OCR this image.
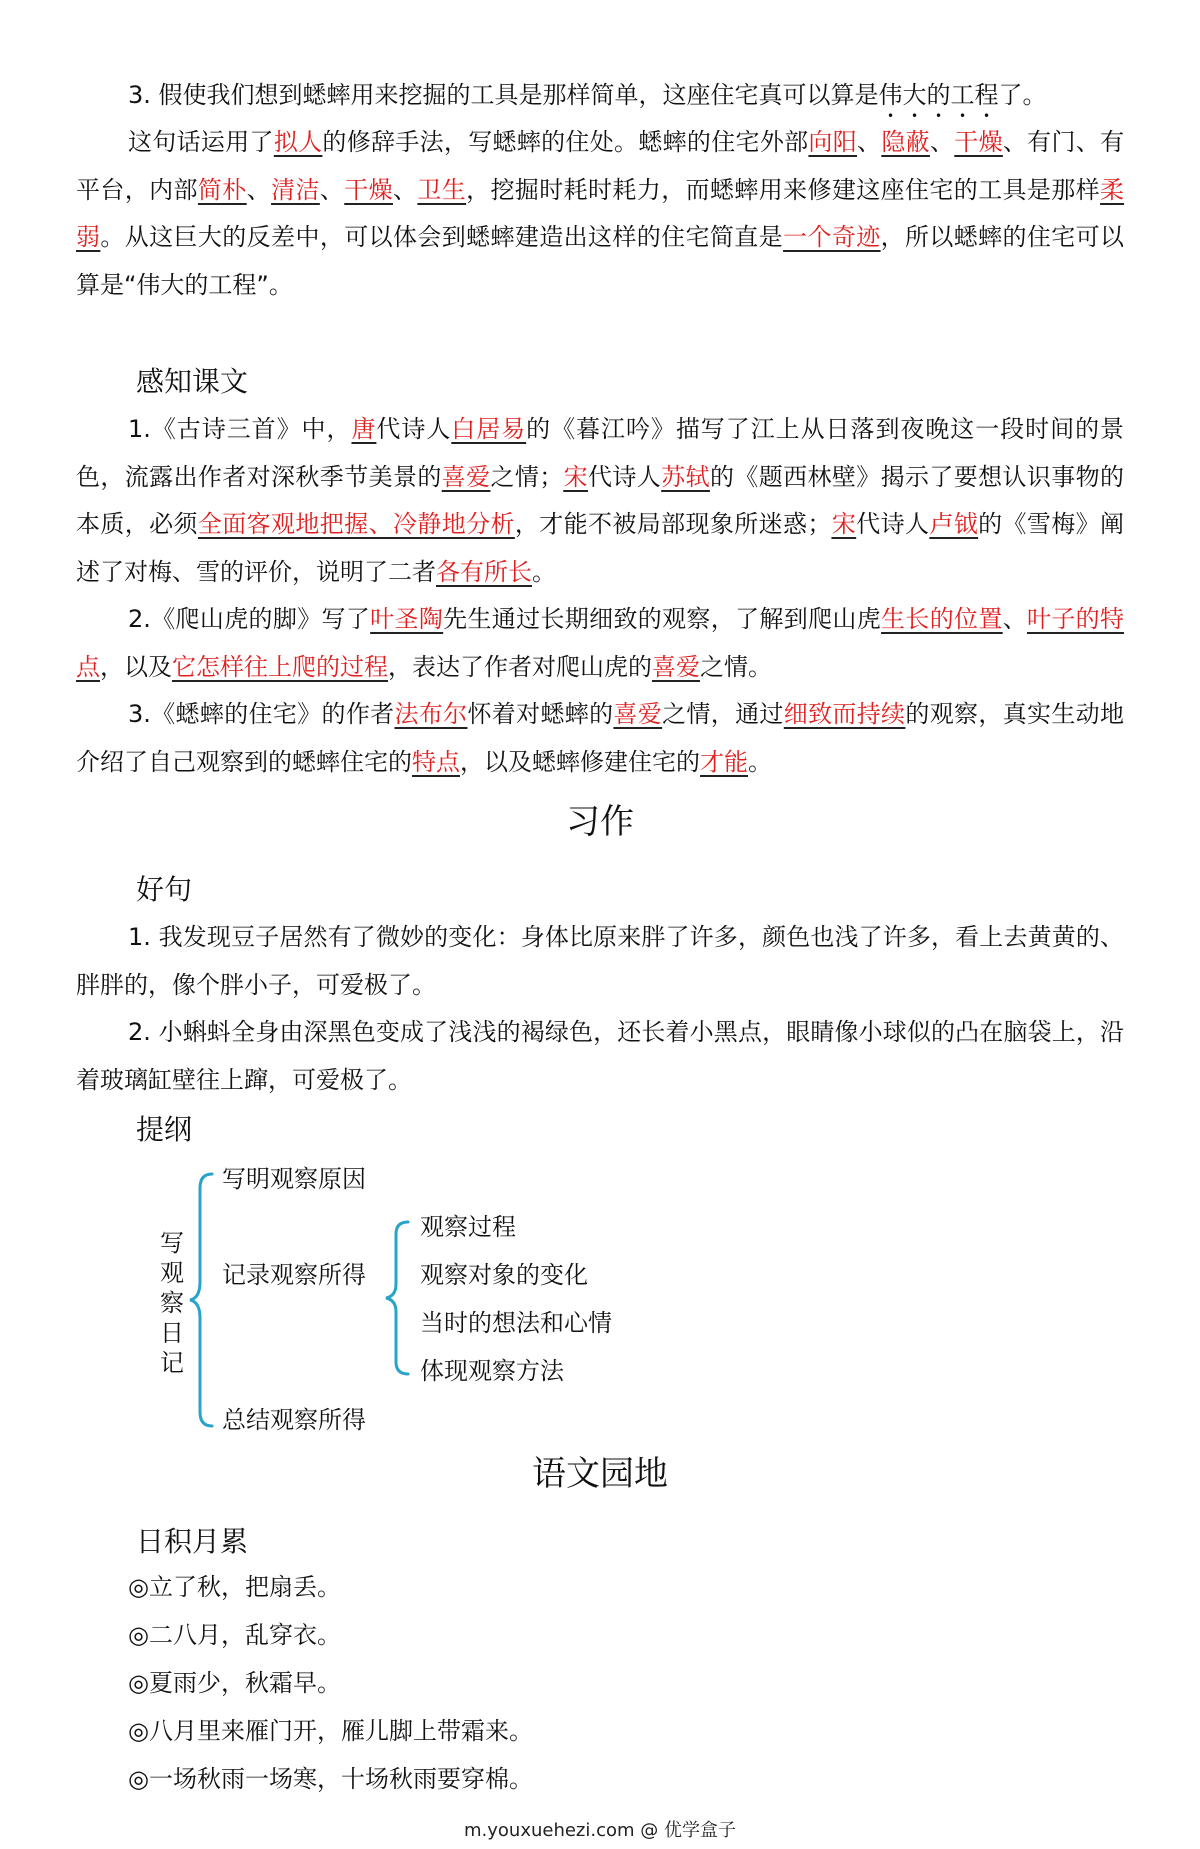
3. 假使我们想到蟋蟀用来挖掘的工具是那样简单，这座住宅真可以算是伟大的工程了。
这句话运用了拟人的修辞手法，写蟋蟀的住处。蟋蟀的住宅外部向阳、隐蔽、干燥、有门、有平台，内部简朴、清洁、干燥、卫生，挖掘时耗时耗力，而蟋蟀用来修建这座住宅的工具是那样柔弱。从这巨大的反差中，可以体会到蟋蟀建造出这样的住宅简直是一个奇迹，所以蟋蟀的住宅可以算是“伟大的工程”。
感知课文
1.《古诗三首》中，唐代诗人白居易的《暮江吟》描写了江上从日落到夜晚这一段时间的景色，流露出作者对深秋季节美景的喜爱之情；宋代诗人苏轼的《题西林壁》揭示了要想认识事物的本质，必须全面客观地把握、冷静地分析，才能不被局部现象所迷惑；宋代诗人卢钺的《雪梅》阐述了对梅、雪的评价，说明了二者各有所长。
2.《爬山虎的脚》写了叶圣陶先生通过长期细致的观察，了解到爬山虎生长的位置、叶子的特点，以及它怎样往上爬的过程，表达了作者对爬山虎的喜爱之情。
3.《蟋蟀的住宅》的作者法布尔怀着对蟋蟀的喜爱之情，通过细致而持续的观察，真实生动地介绍了自己观察到的蟋蟀住宅的特点，以及蟋蟀修建住宅的才能。
习作
好句
1. 我发现豆子居然有了微妙的变化：身体比原来胖了许多，颜色也浅了许多，看上去黄黄的、胖胖的，像个胖小子，可爱极了。
2. 小蝌蚪全身由深黑色变成了浅浅的褐绿色，还长着小黑点，眼睛像小球似的凸在脑袋上，沿着玻璃缸壁往上蹿，可爱极了。
提纲
写观察日记
写明观察原因
记录观察所得
总结观察所得
观察过程
观察对象的变化
当时的想法和心情
体现观察方法
语文园地
日积月累
◎立了秋，把扇丢。
◎二八月，乱穿衣。
◎夏雨少，秋霜早。
◎八月里来雁门开，雁儿脚上带霜来。
◎一场秋雨一场寒，十场秋雨要穿棉。
m.youxuehezi.com @ 优学盒子
